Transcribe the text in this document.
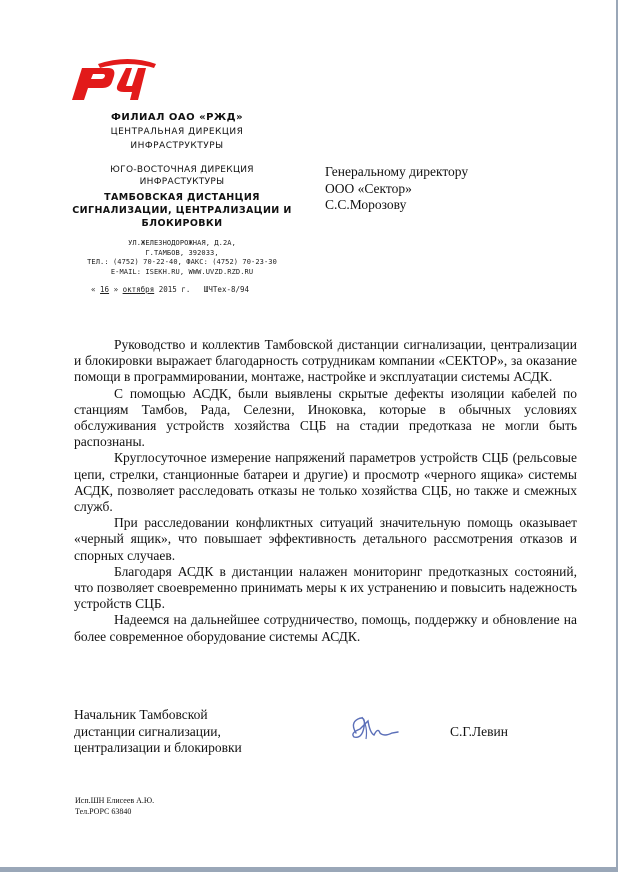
ФИЛИАЛ ОАО «РЖД»
ЦЕНТРАЛЬНАЯ ДИРЕКЦИЯ
ИНФРАСТРУКТУРЫ
ЮГО-ВОСТОЧНАЯ ДИРЕКЦИЯ
ИНФРАСТУКТУРЫ
ТАМБОВСКАЯ ДИСТАНЦИЯ
СИГНАЛИЗАЦИИ, ЦЕНТРАЛИЗАЦИИ И
БЛОКИРОВКИ
УЛ.ЖЕЛЕЗНОДОРОЖНАЯ, Д.2А,
Г.ТАМБОВ, 392033,
ТЕЛ.: (4752) 70-22-40, ФАКС: (4752) 70-23-30
E-MAIL: ISEKH.RU, WWW.UVZD.RZD.RU
« 16 » октября 2015 г. ШЧТех-8/94
Генеральному директору
ООО «Сектор»
С.С.Морозову

Руководство и коллектив Тамбовской дистанции сигнализации, централизации и блокировки выражает благодарность сотрудникам компании «СЕКТОР», за оказание помощи в программировании, монтаже, настройке и эксплуатации системы АСДК.

С помощью АСДК, были выявлены скрытые дефекты изоляции кабелей по станциям Тамбов, Рада, Селезни, Иноковка, которые в обычных условиях обслуживания устройств хозяйства СЦБ на стадии предотказа не могли быть распознаны.

Круглосуточное измерение напряжений параметров устройств СЦБ (рельсовые цепи, стрелки, станционные батареи и другие) и просмотр «черного ящика» системы АСДК, позволяет расследовать отказы не только хозяйства СЦБ, но также и смежных служб.

При расследовании конфликтных ситуаций значительную помощь оказывает «черный ящик», что повышает эффективность детального рассмотрения отказов и спорных случаев.

Благодаря АСДК в дистанции налажен мониторинг предотказных состояний, что позволяет своевременно принимать меры к их устранению и повысить надежность устройств СЦБ.

Надеемся на дальнейшее сотрудничество, помощь, поддержку и обновление на более современное оборудование системы АСДК.

Начальник Тамбовской
дистанции сигнализации,
централизации и блокировки
С.Г.Левин
Исп.ШН Елисеев А.Ю.
Тел.РОРС 63840
